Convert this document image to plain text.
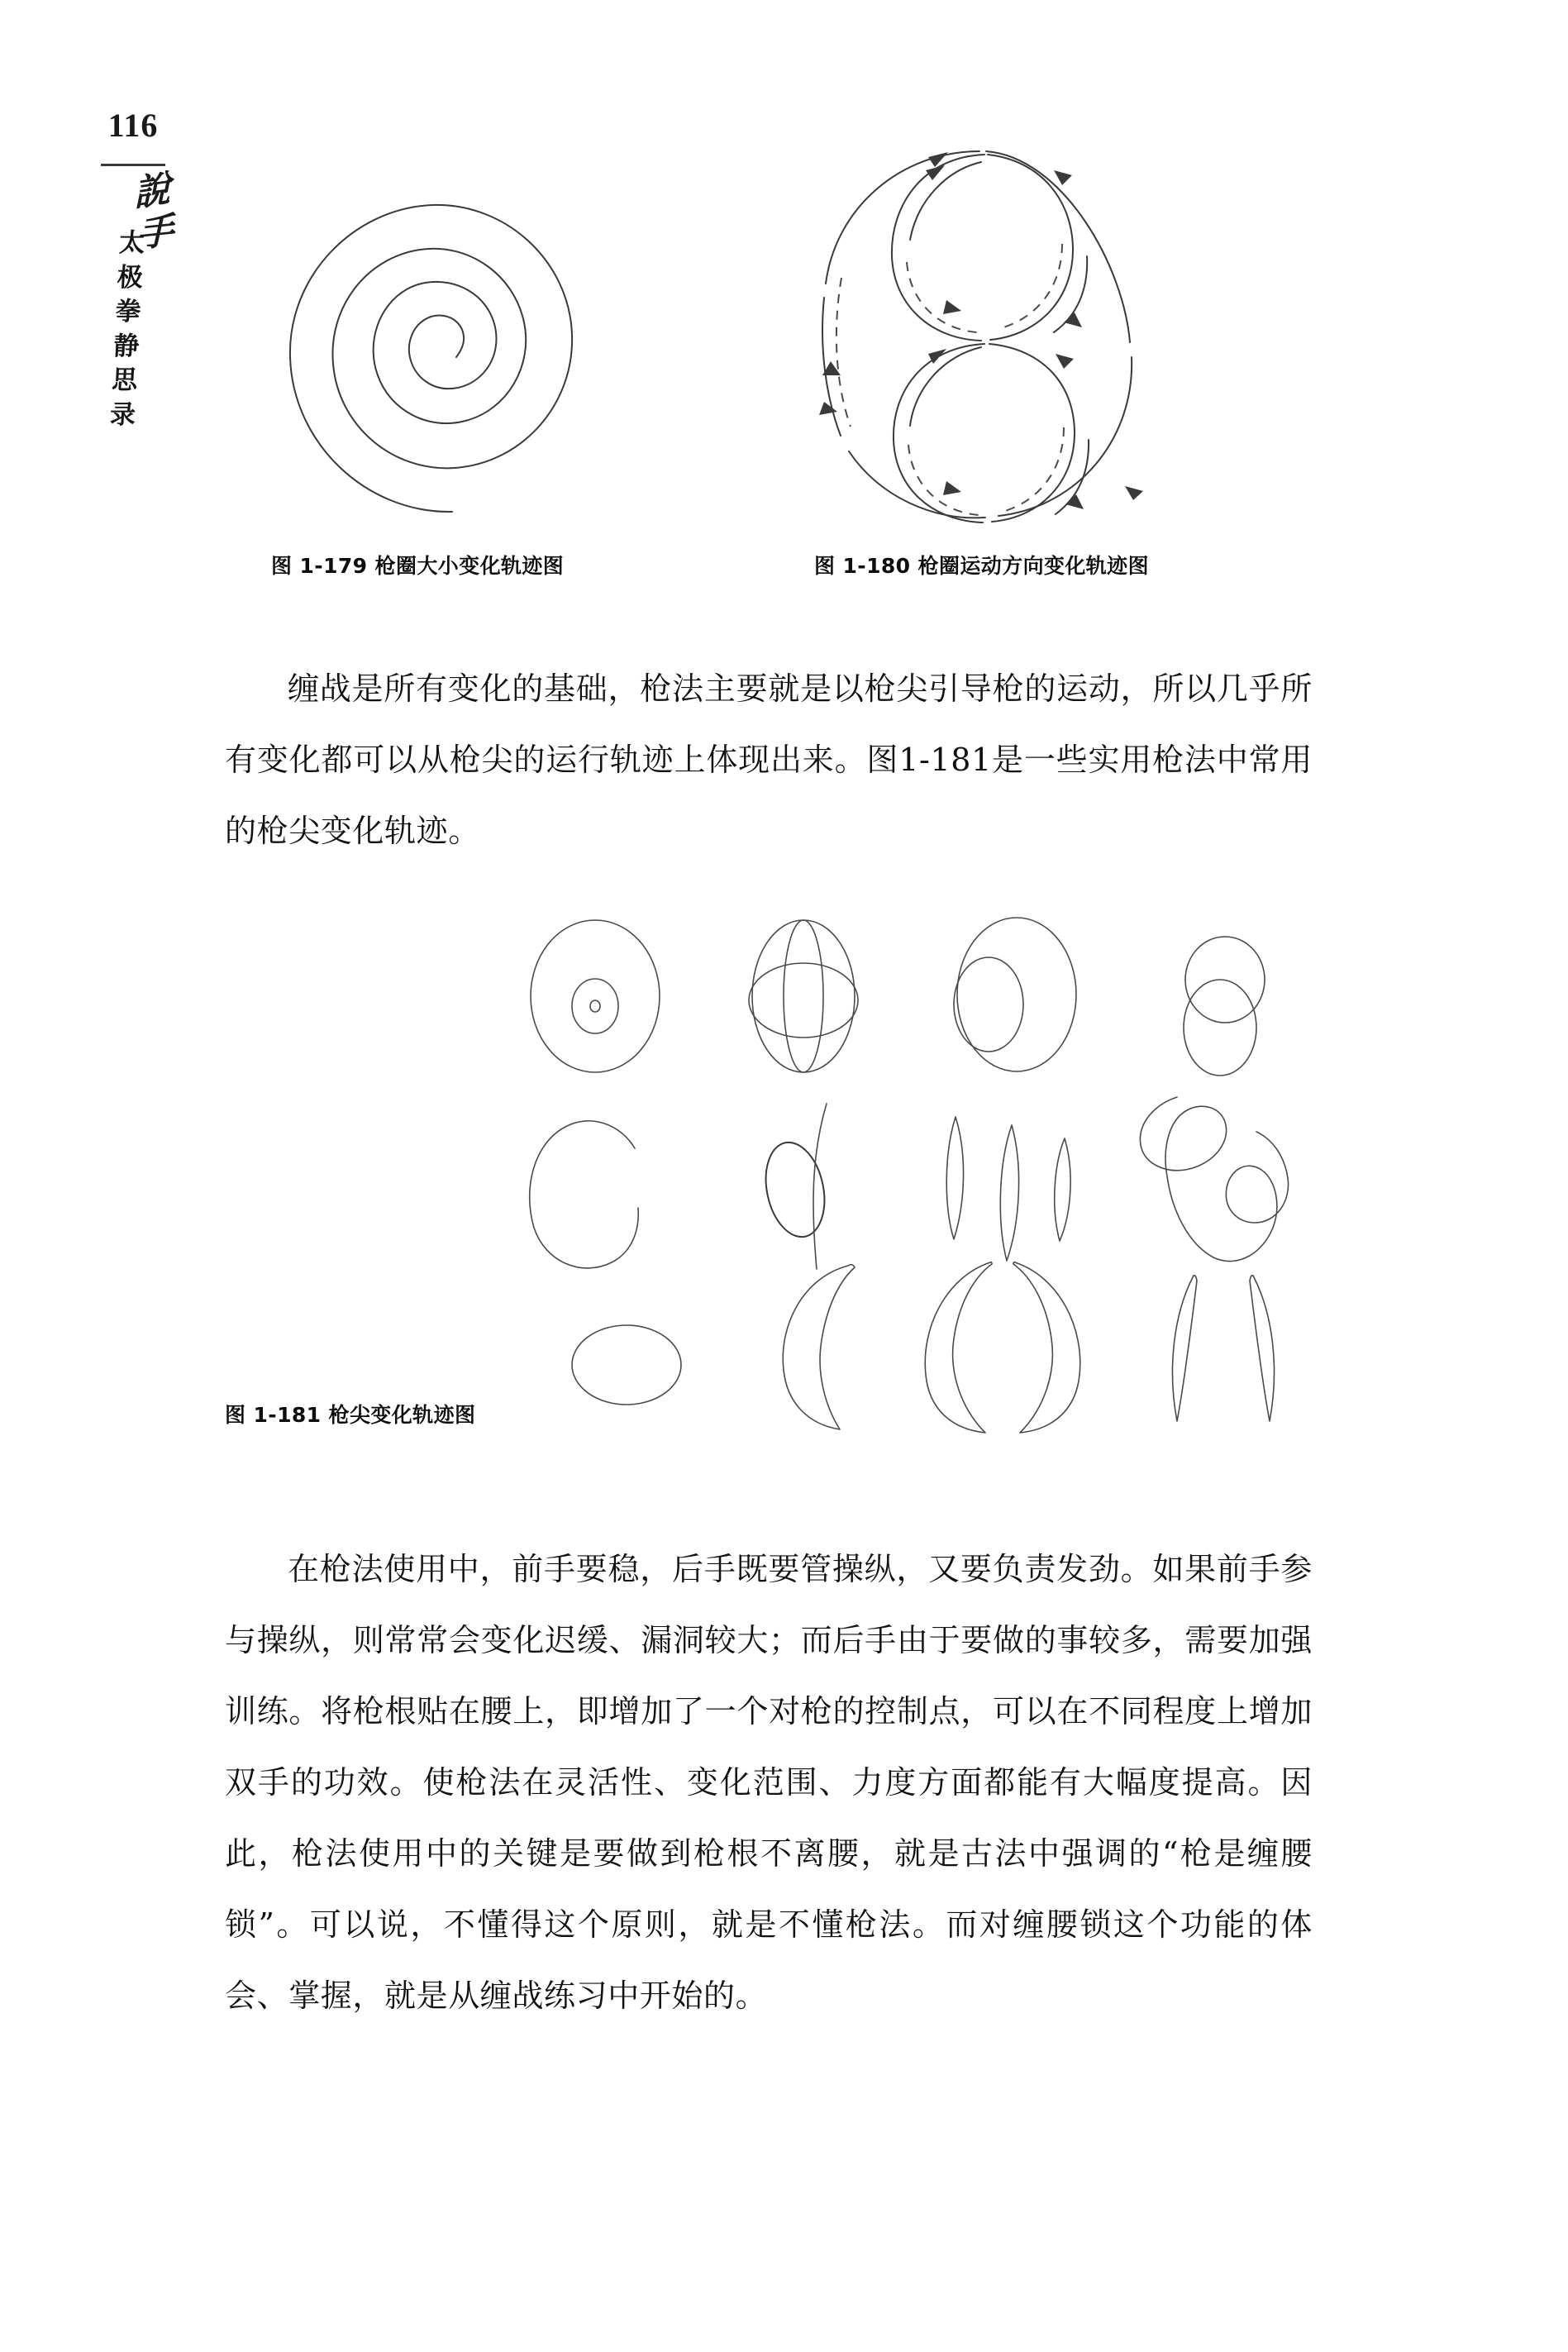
116
說
手
太
极
拳
静
思
录
图 1-179 枪圈大小变化轨迹图	图 1-180 枪圈运动方向变化轨迹图

缠战是所有变化的基础，枪法主要就是以枪尖引导枪的运动，所以几乎所有变化都可以从枪尖的运行轨迹上体现出来。图1-181是一些实用枪法中常用的枪尖变化轨迹。

图 1-181 枪尖变化轨迹图

在枪法使用中，前手要稳，后手既要管操纵，又要负责发劲。如果前手参与操纵，则常常会变化迟缓、漏洞较大；而后手由于要做的事较多，需要加强训练。将枪根贴在腰上，即增加了一个对枪的控制点，可以在不同程度上增加双手的功效。使枪法在灵活性、变化范围、力度方面都能有大幅度提高。因此，枪法使用中的关键是要做到枪根不离腰，就是古法中强调的“枪是缠腰锁”。可以说，不懂得这个原则，就是不懂枪法。而对缠腰锁这个功能的体会、掌握，就是从缠战练习中开始的。
